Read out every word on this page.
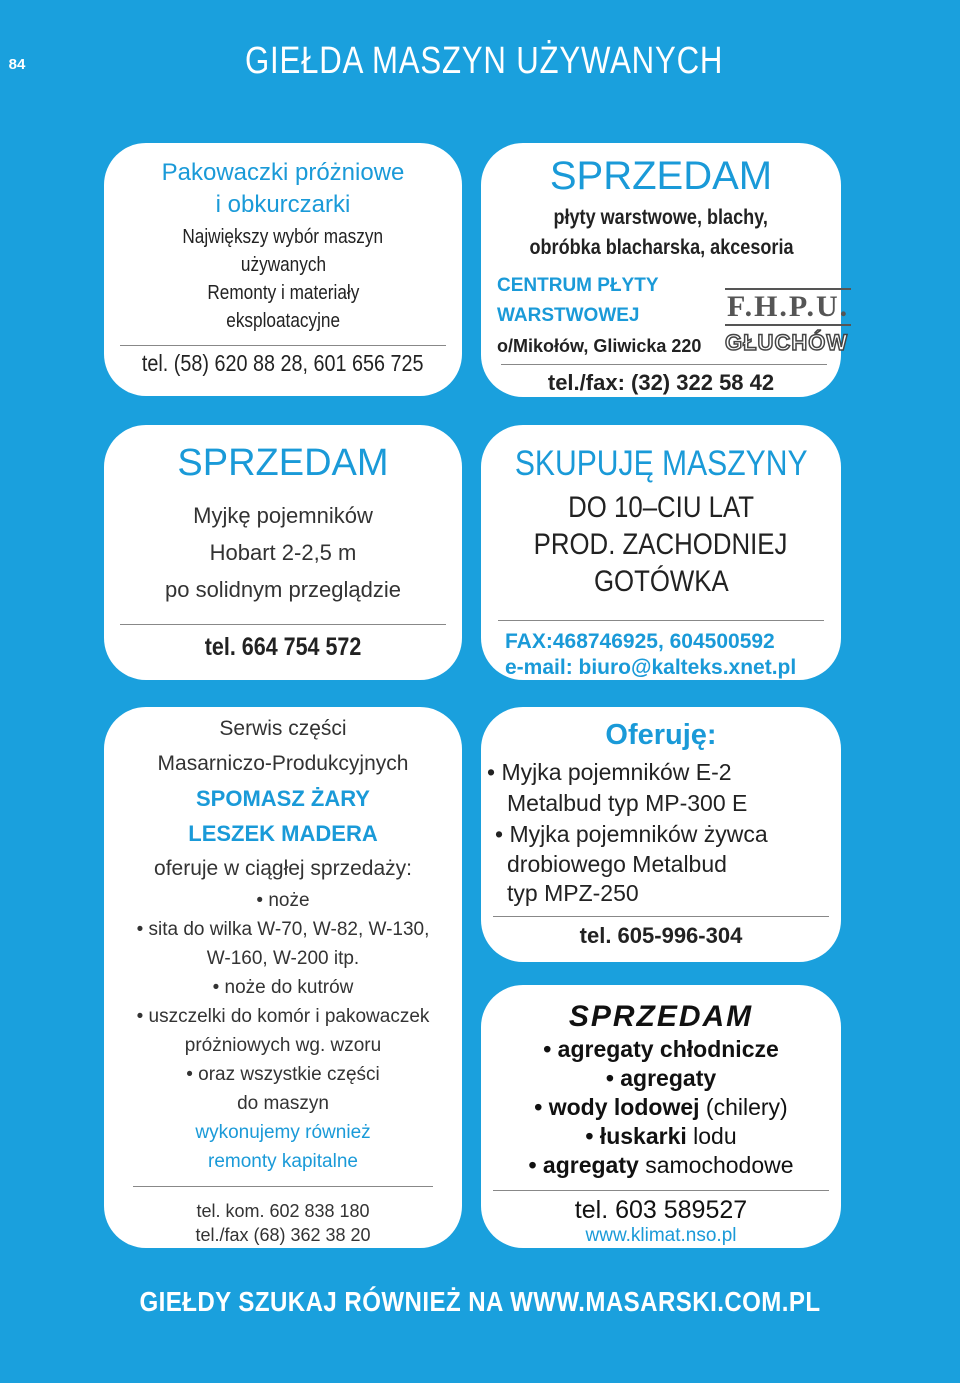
84	GIEŁDA MASZYN UŻYWANYCH
Pakowaczki próżniowe
i obkurczarki
Największy wybór maszyn
używanych
Remonty i materiały
eksploatacyjne
tel. (58) 620 88 28, 601 656 725
SPRZEDAM
płyty warstwowe, blachy,
obróbka blacharska, akcesoria
CENTRUM PŁYTY
WARSTWOWEJ
o/Mikołów, Gliwicka 220
F.H.P.U.
GŁUCHÓW
tel./fax: (32) 322 58 42
SPRZEDAM
Myjkę pojemników
Hobart 2-2,5 m
po solidnym przeglądzie
tel. 664 754 572
SKUPUJĘ MASZYNY
DO 10–CIU LAT
PROD. ZACHODNIEJ
GOTÓWKA
FAX:468746925, 604500592
e-mail: biuro@kalteks.xnet.pl
Serwis części
Masarniczo-Produkcyjnych
SPOMASZ ŻARY
LESZEK MADERA
oferuje w ciągłej sprzedaży:
• noże
• sita do wilka W-70, W-82, W-130,
W-160, W-200 itp.
• noże do kutrów
• uszczelki do komór i pakowaczek
próżniowych wg. wzoru
• oraz wszystkie części
do maszyn
wykonujemy również
remonty kapitalne
tel. kom. 602 838 180
tel./fax (68) 362 38 20
Oferuję:
• Myjka pojemników E-2
Metalbud typ MP-300 E
• Myjka pojemników żywca
drobiowego Metalbud
typ MPZ-250
tel. 605-996-304
SPRZEDAM
• agregaty chłodnicze
• agregaty
• wody lodowej (chilery)
• łuskarki lodu
• agregaty samochodowe
tel. 603 589527
www.klimat.nso.pl
GIEŁDY SZUKAJ RÓWNIEŻ NA WWW.MASARSKI.COM.PL
